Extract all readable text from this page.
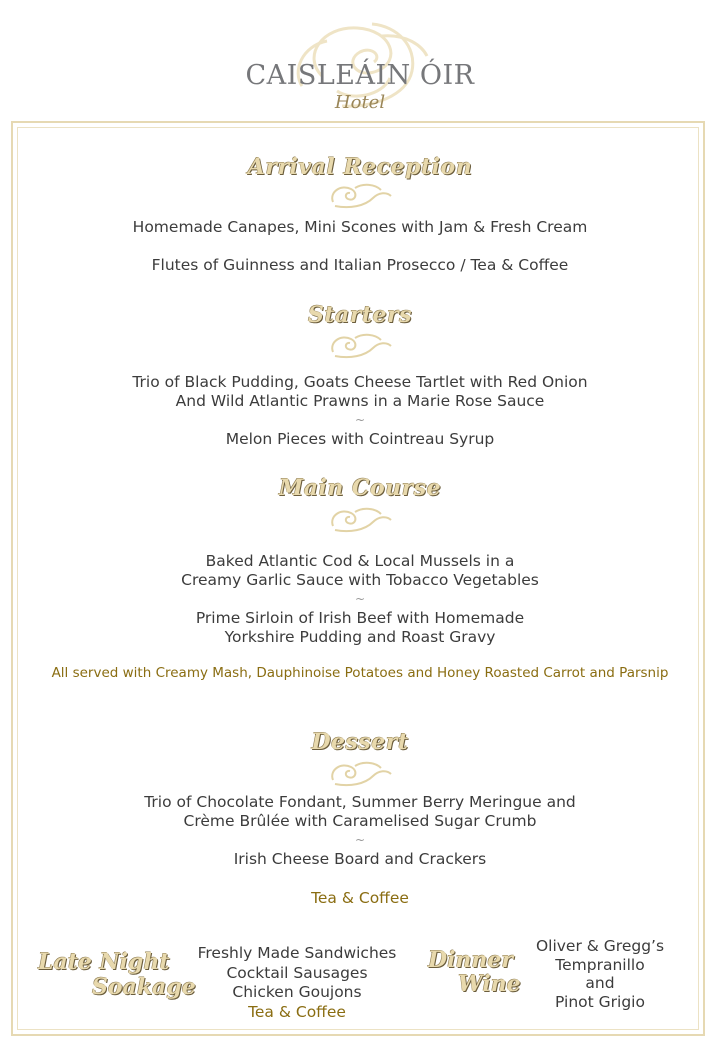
CAISLEÁIN ÓIR
Hotel
Arrival Reception
Homemade Canapes, Mini Scones with Jam & Fresh Cream
Flutes of Guinness and Italian Prosecco / Tea & Coffee
Starters
Trio of Black Pudding, Goats Cheese Tartlet with Red Onion
And Wild Atlantic Prawns in a Marie Rose Sauce
~
Melon Pieces with Cointreau Syrup
Main Course
Baked Atlantic Cod & Local Mussels in a
Creamy Garlic Sauce with Tobacco Vegetables
~
Prime Sirloin of Irish Beef with Homemade
Yorkshire Pudding and Roast Gravy
All served with Creamy Mash, Dauphinoise Potatoes and Honey Roasted Carrot and Parsnip
Dessert
Trio of Chocolate Fondant, Summer Berry Meringue and
Crème Brûlée with Caramelised Sugar Crumb
~
Irish Cheese Board and Crackers
Tea & Coffee
Late Night
Soakage
Freshly Made Sandwiches
Cocktail Sausages
Chicken Goujons
Tea & Coffee
Dinner
Wine
Oliver & Gregg’s
Tempranillo
and
Pinot Grigio
